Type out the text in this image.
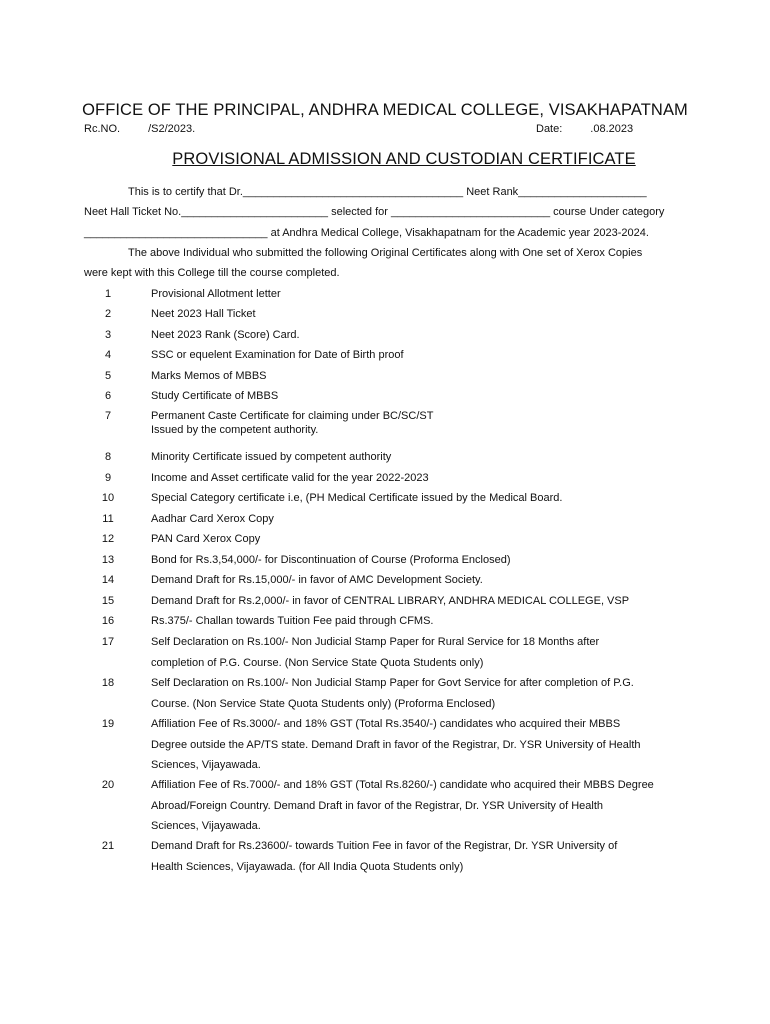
OFFICE OF THE PRINCIPAL, ANDHRA MEDICAL COLLEGE, VISAKHAPATNAM
Rc.NO.	/S2/2023.	Date:	.08.2023
PROVISIONAL ADMISSION AND CUSTODIAN CERTIFICATE
This is to certify that Dr.____________________________________ Neet Rank_____________________
Neet Hall Ticket No.________________________ selected for __________________________ course Under category
______________________________ at Andhra Medical College, Visakhapatnam for the Academic year 2023-2024.
The above Individual who submitted the following Original Certificates along with One set of Xerox Copies
were kept with this College till the course completed.
1	Provisional Allotment letter
2	Neet 2023 Hall Ticket
3	Neet 2023 Rank (Score) Card.
4	SSC or equelent Examination for Date of Birth proof
5	Marks Memos of MBBS
6	Study Certificate of MBBS
7	Permanent Caste Certificate for claiming under BC/SC/ST
Issued by the competent authority.
8	Minority Certificate issued by competent authority
9	Income and Asset certificate valid for the year 2022-2023
10	Special Category certificate i.e, (PH Medical Certificate issued by the Medical Board.
11	Aadhar Card Xerox Copy
12	PAN Card Xerox Copy
13	Bond for Rs.3,54,000/- for Discontinuation of Course (Proforma Enclosed)
14	Demand Draft for Rs.15,000/- in favor of AMC Development Society.
15	Demand Draft for Rs.2,000/- in favor of CENTRAL LIBRARY, ANDHRA MEDICAL COLLEGE, VSP
16	Rs.375/- Challan towards Tuition Fee paid through CFMS.
17	Self Declaration on Rs.100/- Non Judicial Stamp Paper for Rural Service for 18 Months after
completion of P.G. Course. (Non Service State Quota Students only)
18	Self Declaration on Rs.100/- Non Judicial Stamp Paper for Govt Service for after completion of P.G.
Course. (Non Service State Quota Students only) (Proforma Enclosed)
19	Affiliation Fee of Rs.3000/- and 18% GST (Total Rs.3540/-) candidates who acquired their MBBS
Degree outside the AP/TS state. Demand Draft in favor of the Registrar, Dr. YSR University of Health
Sciences, Vijayawada.
20	Affiliation Fee of Rs.7000/- and 18% GST (Total Rs.8260/-) candidate who acquired their MBBS Degree
Abroad/Foreign Country. Demand Draft in favor of the Registrar, Dr. YSR University of Health
Sciences, Vijayawada.
21	Demand Draft for Rs.23600/- towards Tuition Fee in favor of the Registrar, Dr. YSR University of
Health Sciences, Vijayawada. (for All India Quota Students only)
